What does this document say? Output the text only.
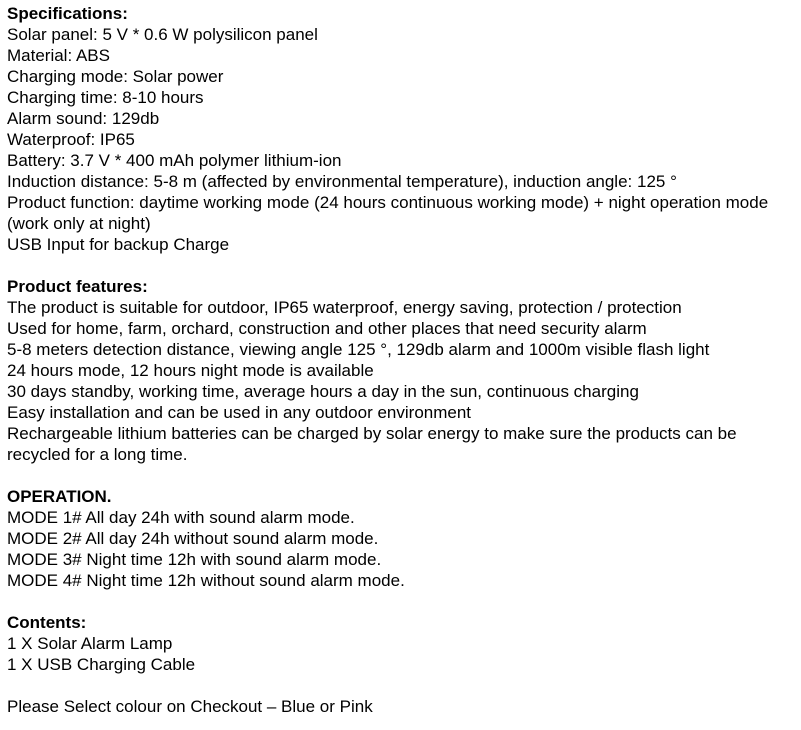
Specifications:
Solar panel: 5 V * 0.6 W polysilicon panel
Material: ABS
Charging mode: Solar power
Charging time: 8-10 hours
Alarm sound: 129db
Waterproof: IP65
Battery: 3.7 V * 400 mAh polymer lithium-ion
Induction distance: 5-8 m (affected by environmental temperature), induction angle: 125 °
Product function: daytime working mode (24 hours continuous working mode) + night operation mode (work only at night)
USB Input for backup Charge
Product features:
The product is suitable for outdoor, IP65 waterproof, energy saving, protection / protection
Used for home, farm, orchard, construction and other places that need security alarm
5-8 meters detection distance, viewing angle 125 °, 129db alarm and 1000m visible flash light
24 hours mode, 12 hours night mode is available
30 days standby, working time, average hours a day in the sun, continuous charging
Easy installation and can be used in any outdoor environment
Rechargeable lithium batteries can be charged by solar energy to make sure the products can be recycled for a long time.
OPERATION.
MODE 1# All day 24h with sound alarm mode.
MODE 2# All day 24h without sound alarm mode.
MODE 3# Night time 12h with sound alarm mode.
MODE 4# Night time 12h without sound alarm mode.
Contents:
1 X Solar Alarm Lamp
1 X USB Charging Cable
Please Select colour on Checkout – Blue or Pink
